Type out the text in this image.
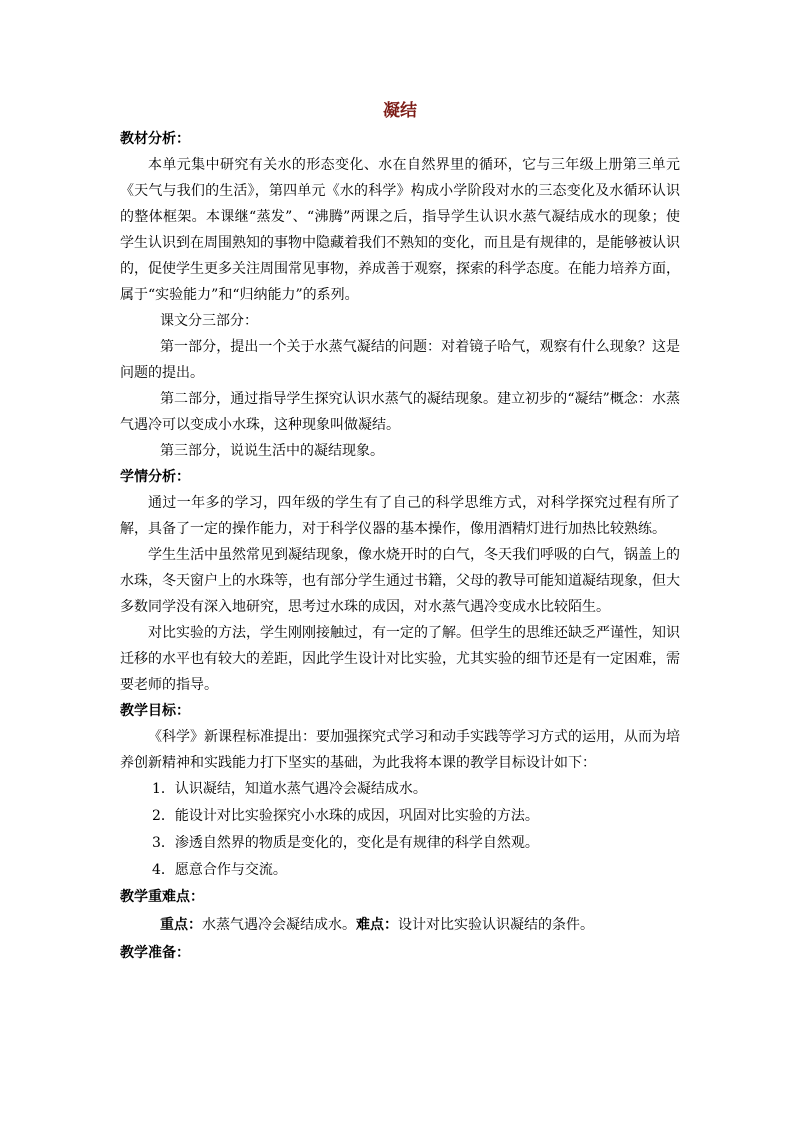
凝结

教材分析：

本单元集中研究有关水的形态变化、水在自然界里的循环，它与三年级上册第三单元《天气与我们的生活》，第四单元《水的科学》构成小学阶段对水的三态变化及水循环认识的整体框架。本课继“蒸发”、“沸腾”两课之后，指导学生认识水蒸气凝结成水的现象；使学生认识到在周围熟知的事物中隐藏着我们不熟知的变化，而且是有规律的，是能够被认识的，促使学生更多关注周围常见事物，养成善于观察，探索的科学态度。在能力培养方面，属于“实验能力”和“归纳能力”的系列。

课文分三部分：

第一部分，提出一个关于水蒸气凝结的问题：对着镜子哈气，观察有什么现象？这是问题的提出。

第二部分，通过指导学生探究认识水蒸气的凝结现象。建立初步的“凝结”概念：水蒸气遇冷可以变成小水珠，这种现象叫做凝结。

第三部分，说说生活中的凝结现象。

学情分析：

通过一年多的学习，四年级的学生有了自己的科学思维方式，对科学探究过程有所了解，具备了一定的操作能力，对于科学仪器的基本操作，像用酒精灯进行加热比较熟练。

学生生活中虽然常见到凝结现象，像水烧开时的白气，冬天我们呼吸的白气，锅盖上的水珠，冬天窗户上的水珠等，也有部分学生通过书籍，父母的教导可能知道凝结现象，但大多数同学没有深入地研究，思考过水珠的成因，对水蒸气遇冷变成水比较陌生。

对比实验的方法，学生刚刚接触过，有一定的了解。但学生的思维还缺乏严谨性，知识迁移的水平也有较大的差距，因此学生设计对比实验，尤其实验的细节还是有一定困难，需要老师的指导。

教学目标：

《科学》新课程标准提出：要加强探究式学习和动手实践等学习方式的运用，从而为培养创新精神和实践能力打下坚实的基础，为此我将本课的教学目标设计如下：

1．认识凝结，知道水蒸气遇冷会凝结成水。

2．能设计对比实验探究小水珠的成因，巩固对比实验的方法。

3．渗透自然界的物质是变化的，变化是有规律的科学自然观。

4．愿意合作与交流。

教学重难点：

重点：水蒸气遇冷会凝结成水。难点：设计对比实验认识凝结的条件。

教学准备：
